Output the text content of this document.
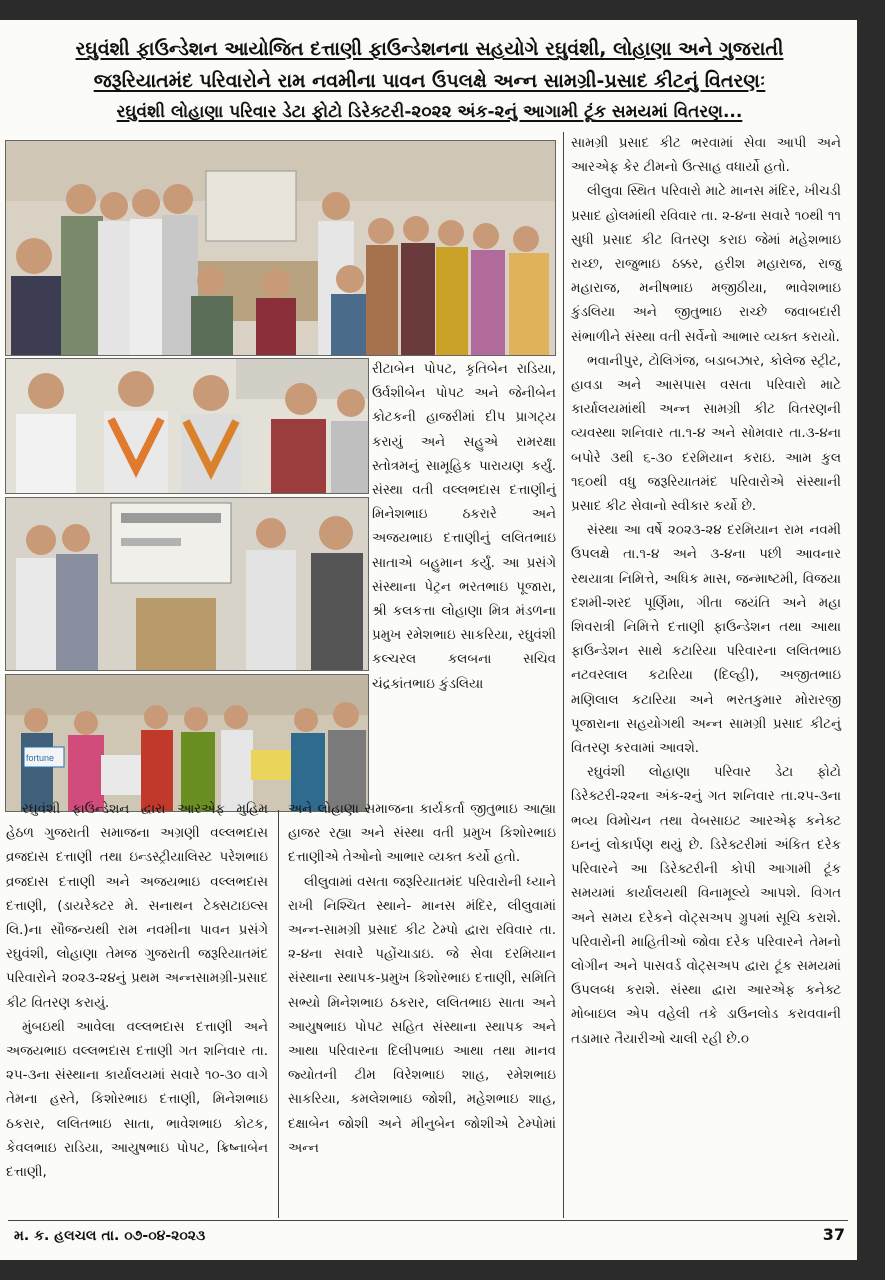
રઘુવંશી ફાઉન્ડેશન આયોજિત દત્તાણી ફાઉન્ડેશનના સહયોગે રઘુવંશી, લોહાણા અને ગુજરાતી
જરૂરિયાતમંદ પરિવારોને રામ નવમીના પાવન ઉપલક્ષે અન્ન સામગ્રી-પ્રસાદ કીટનું વિતરણઃ
રઘુવંશી લોહાણા પરિવાર ડેટા ફોટો ડિરેક્ટરી-૨૦૨૨ અંક-૨નું આગામી ટૂંક સમયમાં વિતરણ...
fortune

રીટાબેન પોપટ, કૃતિબેન રાડિયા, ઉર્વશીબેન પોપટ અને જેનીબેન કોટકની હાજરીમાં દીપ પ્રાગટ્ય કરાયું અને સહુએ રામરક્ષા સ્તોત્રમનું સામૂહિક પારાયણ કર્યું. સંસ્થા વતી વલ્લભદાસ દત્તાણીનું મિનેશભાઇ ઠકરારે અને અજયભાઇ દત્તાણીનું લલિતભાઇ સાતાએ બહુમાન કર્યું. આ પ્રસંગે સંસ્થાના પેટ્રન ભરતભાઇ પૂજારા, શ્રી કલકત્તા લોહાણા મિત્ર મંડળના પ્રમુખ રમેશભાઇ સાકરિયા, રઘુવંશી કલ્ચરલ કલબના સચિવ ચંદ્રકાંતભાઇ કુંડલિયા

રઘુવંશી ફાઉન્ડેશન દ્વારા આરએફ મુહિમ હેઠળ ગુજરાતી સમાજના અગ્રણી વલ્લભદાસ વ્રજદાસ દત્તાણી તથા ઇન્ડસ્ટ્રીયાલિસ્ટ પરેશભાઇ વ્રજદાસ દત્તાણી અને અજયભાઇ વલ્લભદાસ દત્તાણી, (ડાયરેક્ટર મે. સનાથન ટેક્સટાઇલ્સ લિ.)ના સૌજન્યથી રામ નવમીના પાવન પ્રસંગે રઘુવંશી, લોહાણા તેમજ ગુજરાતી જરૂરિયાતમંદ પરિવારોને ૨૦૨૩-૨૪નું પ્રથમ અન્નસામગ્રી-પ્રસાદ કીટ વિતરણ કરાયું.

મુંબઇથી આવેલા વલ્લભદાસ દત્તાણી અને અજયભાઇ વલ્લભદાસ દત્તાણી ગત શનિવાર તા. ૨૫-૩ના સંસ્થાના કાર્યાલયમાં સવારે ૧૦-૩૦ વાગે તેમના હસ્તે, કિશોરભાઇ દત્તાણી, મિનેશભાઇ ઠકરાર, લલિતભાઇ સાતા, ભાવેશભાઇ કોટક, કેવલભાઇ રાડિયા, આયુષભાઇ પોપટ, ક્રિષ્નાબેન દત્તાણી,

અને લોહાણા સમાજના કાર્યકર્તા જીતુભાઇ આહ્યા હાજર રહ્યા અને સંસ્થા વતી પ્રમુખ કિશોરભાઇ દત્તાણીએ તેઓનો આભાર વ્યક્ત કર્યો હતો.

લીલુવામાં વસતા જરૂરિયાતમંદ પરિવારોની ધ્યાને રાખી નિશ્ચિત સ્થાને- માનસ મંદિર, લીલુવામાં અન્ન-સામગ્રી પ્રસાદ કીટ ટેમ્પો દ્વારા રવિવાર તા. ૨-૪ના સવારે પહોંચાડાઇ. જે સેવા દરમિયાન સંસ્થાના સ્થાપક-પ્રમુખ કિશોરભાઇ દત્તાણી, સમિતિ સભ્યો મિનેશભાઇ ઠકરાર, લલિતભાઇ સાતા અને આયુષભાઇ પોપટ સહિત સંસ્થાના સ્થાપક અને આથા પરિવારના દિલીપભાઇ આથા તથા માનવ જ્યોતની ટીમ વિરેશભાઇ શાહ, રમેશભાઇ સાકરિયા, કમલેશભાઇ જોશી, મહેશભાઇ શાહ, દક્ષાબેન જોશી અને મીનુબેન જોશીએ ટેમ્પોમાં અન્ન

સામગ્રી પ્રસાદ કીટ ભરવામાં સેવા આપી અને આરએફ કેર ટીમનો ઉત્સાહ વધાર્યો હતો.

લીલુવા સ્થિત પરિવારો માટે માનસ મંદિર, ખીચડી પ્રસાદ હોલમાંથી રવિવાર તા. ૨-૪ના સવારે ૧૦થી ૧૧ સુધી પ્રસાદ કીટ વિતરણ કરાઇ જેમાં મહેશભાઇ રાચ્છ, રાજુભાઇ ઠક્કર, હરીશ મહારાજ, રાજુ મહારાજ, મનીષભાઇ મજીઠીયા, ભાવેશભાઇ કુંડલિયા અને જીતુભાઇ રાચ્છે જવાબદારી સંભાળીને સંસ્થા વતી સર્વેનો આભાર વ્યક્ત કરાયો.

ભવાનીપુર, ટોલિગંજ, બડાબઝાર, કોલેજ સ્ટ્રીટ, હાવડા અને આસપાસ વસતા પરિવારો માટે કાર્યાલયમાંથી અન્ન સામગ્રી કીટ વિતરણની વ્યવસ્થા શનિવાર તા.૧-૪ અને સોમવાર તા.૩-૪ના બપોરે ૩થી ૬-૩૦ દરમિયાન કરાઇ. આમ કુલ ૧૬૦થી વધુ જરૂરિયાતમંદ પરિવારોએ સંસ્થાની પ્રસાદ કીટ સેવાનો સ્વીકાર કર્યો છે.

સંસ્થા આ વર્ષે ૨૦૨૩-૨૪ દરમિયાન રામ નવમી ઉપલક્ષે તા.૧-૪ અને ૩-૪ના પછી આવનાર રથયાત્રા નિમિત્તે, અધિક માસ, જન્માષ્ટમી, વિજયા દશમી-શરદ પૂર્ણિમા, ગીતા જયંતિ અને મહા શિવરાત્રી નિમિત્તે દત્તાણી ફાઉન્ડેશન તથા આથા ફાઉન્ડેશન સાથે કટારિયા પરિવારના લલિતભાઇ નટવરલાલ કટારિયા (દિલ્હી), અજીતભાઇ મણિલાલ કટારિયા અને ભરતકુમાર મોરારજી પૂજારાના સહયોગથી અન્ન સામગ્રી પ્રસાદ કીટનું વિતરણ કરવામાં આવશે.

રઘુવંશી લોહાણા પરિવાર ડેટા ફોટો ડિરેક્ટરી-૨૨ના અંક-૨નું ગત શનિવાર તા.૨૫-૩ના ભવ્ય વિમોચન તથા વેબસાઇટ આરએફ કનેક્ટ ઇનનું લોકાર્પણ થયું છે. ડિરેક્ટરીમાં અંકિત દરેક પરિવારને આ ડિરેક્ટરીની કોપી આગામી ટૂંક સમયમાં કાર્યાલયથી વિનામૂલ્યે આપશે. વિગત અને સમય દરેકને વોટ્સઅપ ગ્રુપમાં સૂચિ કરાશે. પરિવારોની માહિતીઓ જોવા દરેક પરિવારને તેમનો લોગીન અને પાસવર્ડ વોટ્સઅપ દ્વારા ટૂંક સમયમાં ઉપલબ્ધ કરાશે. સંસ્થા દ્વારા આરએફ કનેક્ટ મોબાઇલ એપ વહેલી તકે ડાઉનલોડ કરાવવાની તડામાર તૈયારીઓ ચાલી રહી છે.૦

મ. ક. હલચલ તા. ૦૭-૦૪-૨૦૨૩	37
